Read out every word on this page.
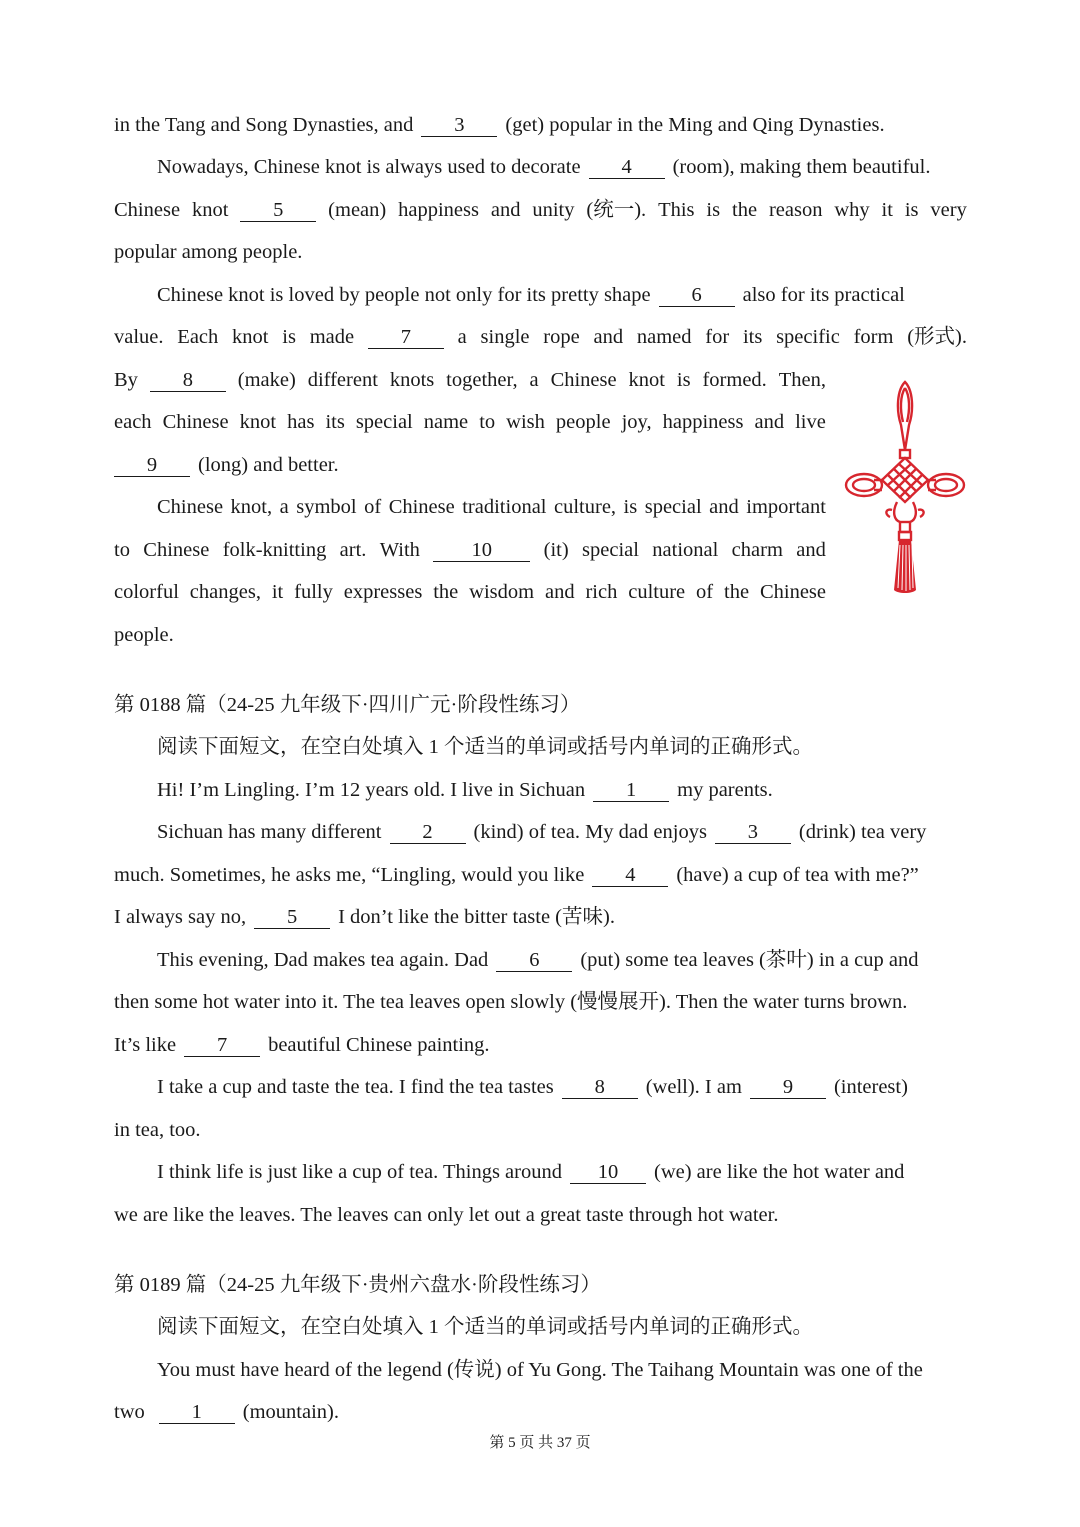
in the Tang and Song Dynasties, and	3	(get) popular in the Ming and Qing Dynasties.
Nowadays, Chinese knot is always used to decorate	4	(room), making them beautiful.
Chinese knot	5	(mean) happiness and unity (统一). This is the reason why it is very
popular among people.
Chinese knot is loved by people not only for its pretty shape	6	also for its practical
value. Each knot is made	7	a single rope and named for its specific form (形式).
By	8	(make) different knots together, a Chinese knot is formed. Then,
each Chinese knot has its special name to wish people joy, happiness and live
9	(long) and better.
Chinese knot, a symbol of Chinese traditional culture, is special and important
to Chinese folk-knitting art. With	10	(it) special national charm and
colorful changes, it fully expresses the wisdom and rich culture of the Chinese
people.
第 0188 篇（24-25 九年级下·四川广元·阶段性练习）
阅读下面短文，在空白处填入 1 个适当的单词或括号内单词的正确形式。
Hi! I’m Lingling. I’m 12 years old. I live in Sichuan	1	my parents.
Sichuan has many different	2	(kind) of tea. My dad enjoys	3	(drink) tea very
much. Sometimes, he asks me, “Lingling, would you like	4	(have) a cup of tea with me?”
I always say no,	5	I don’t like the bitter taste (苦味).
This evening, Dad makes tea again. Dad	6	(put) some tea leaves (茶叶) in a cup and
then some hot water into it. The tea leaves open slowly (慢慢展开). Then the water turns brown.
It’s like	7	beautiful Chinese painting.
I take a cup and taste the tea. I find the tea tastes	8	(well). I am	9	(interest)
in tea, too.
I think life is just like a cup of tea. Things around	10	(we) are like the hot water and
we are like the leaves. The leaves can only let out a great taste through hot water.
第 0189 篇（24-25 九年级下·贵州六盘水·阶段性练习）
阅读下面短文，在空白处填入 1 个适当的单词或括号内单词的正确形式。
You must have heard of the legend (传说) of Yu Gong. The Taihang Mountain was one of the
two	1	(mountain).
第 5 页 共 37 页
